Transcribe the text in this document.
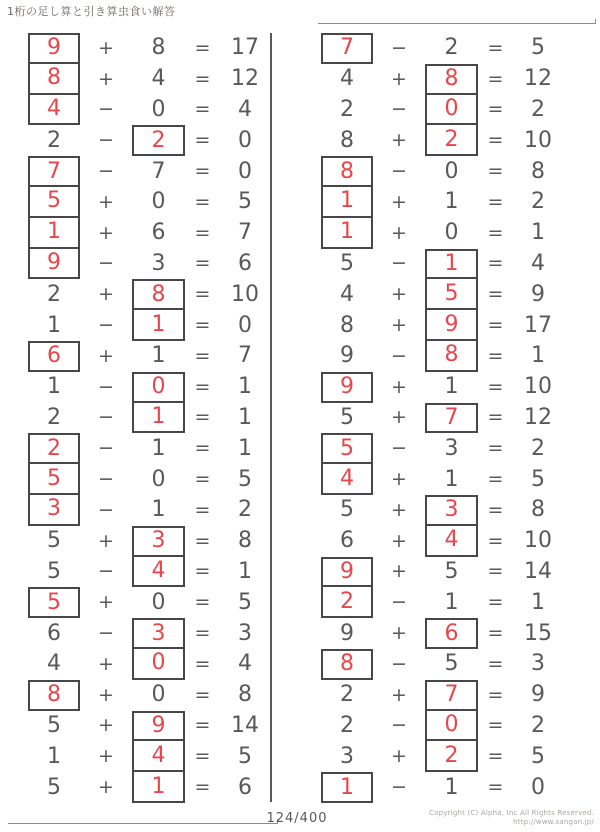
1桁の足し算と引き算虫食い解答
9 + 8 = 17
8 + 4 = 12
4 − 0 = 4
2 − 2 = 0
7 − 7 = 0
5 + 0 = 5
1 + 6 = 7
9 − 3 = 6
2 + 8 = 10
1 − 1 = 0
6 + 1 = 7
1 − 0 = 1
2 − 1 = 1
2 − 1 = 1
5 − 0 = 5
3 − 1 = 2
5 + 3 = 8
5 − 4 = 1
5 + 0 = 5
6 − 3 = 3
4 + 0 = 4
8 + 0 = 8
5 + 9 = 14
1 + 4 = 5
5 + 1 = 6
7 − 2 = 5
4 + 8 = 12
2 − 0 = 2
8 + 2 = 10
8 − 0 = 8
1 + 1 = 2
1 + 0 = 1
5 − 1 = 4
4 + 5 = 9
8 + 9 = 17
9 − 8 = 1
9 + 1 = 10
5 + 7 = 12
5 − 3 = 2
4 + 1 = 5
5 + 3 = 8
6 + 4 = 10
9 + 5 = 14
2 − 1 = 1
9 + 6 = 15
8 − 5 = 3
2 + 7 = 9
2 − 0 = 2
3 + 2 = 5
1 − 1 = 0
124/400	Copyright (C) Alpha, Inc All Rights Reserved.
http://www.sangan.jp/
